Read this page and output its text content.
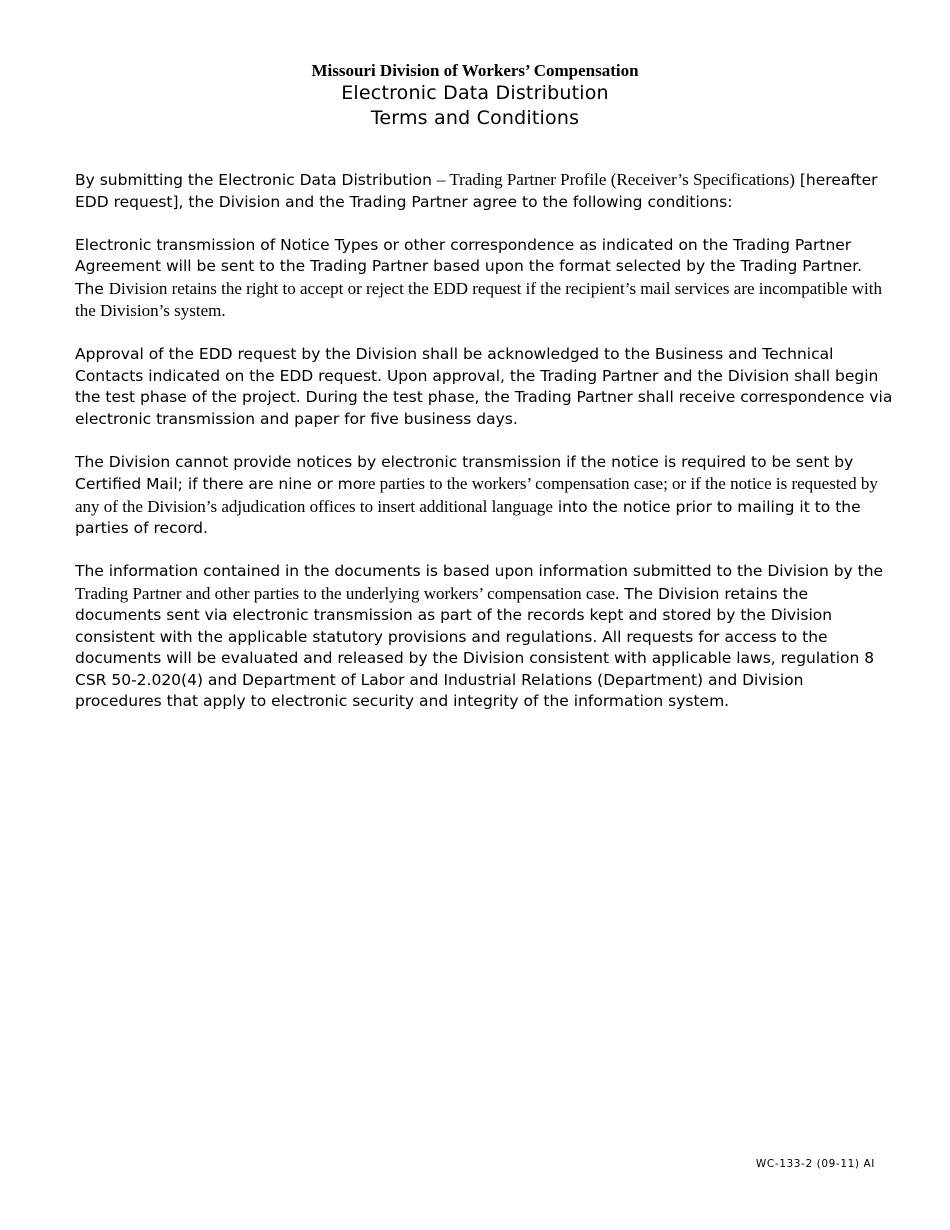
Missouri Division of Workers’ Compensation

Electronic Data Distribution

Terms and Conditions

By submitting the Electronic Data Distribution – Trading Partner Profile (Receiver’s Specifications) [hereafter EDD request], the Division and the Trading Partner agree to the following conditions:

Electronic transmission of Notice Types or other correspondence as indicated on the Trading Partner Agreement will be sent to the Trading Partner based upon the format selected by the Trading Partner. The Division retains the right to accept or reject the EDD request if the recipient’s mail services are incompatible with the Division’s system.

Approval of the EDD request by the Division shall be acknowledged to the Business and Technical Contacts indicated on the EDD request. Upon approval, the Trading Partner and the Division shall begin the test phase of the project. During the test phase, the Trading Partner shall receive correspondence via electronic transmission and paper for five business days.

The Division cannot provide notices by electronic transmission if the notice is required to be sent by Certified Mail; if there are nine or more parties to the workers’ compensation case; or if the notice is requested by any of the Division’s adjudication offices to insert additional language into the notice prior to mailing it to the parties of record.

The information contained in the documents is based upon information submitted to the Division by the Trading Partner and other parties to the underlying workers’ compensation case. The Division retains the documents sent via electronic transmission as part of the records kept and stored by the Division consistent with the applicable statutory provisions and regulations. All requests for access to the documents will be evaluated and released by the Division consistent with applicable laws, regulation 8 CSR 50-2.020(4) and Department of Labor and Industrial Relations (Department) and Division procedures that apply to electronic security and integrity of the information system.

WC-133-2 (09-11) AI
